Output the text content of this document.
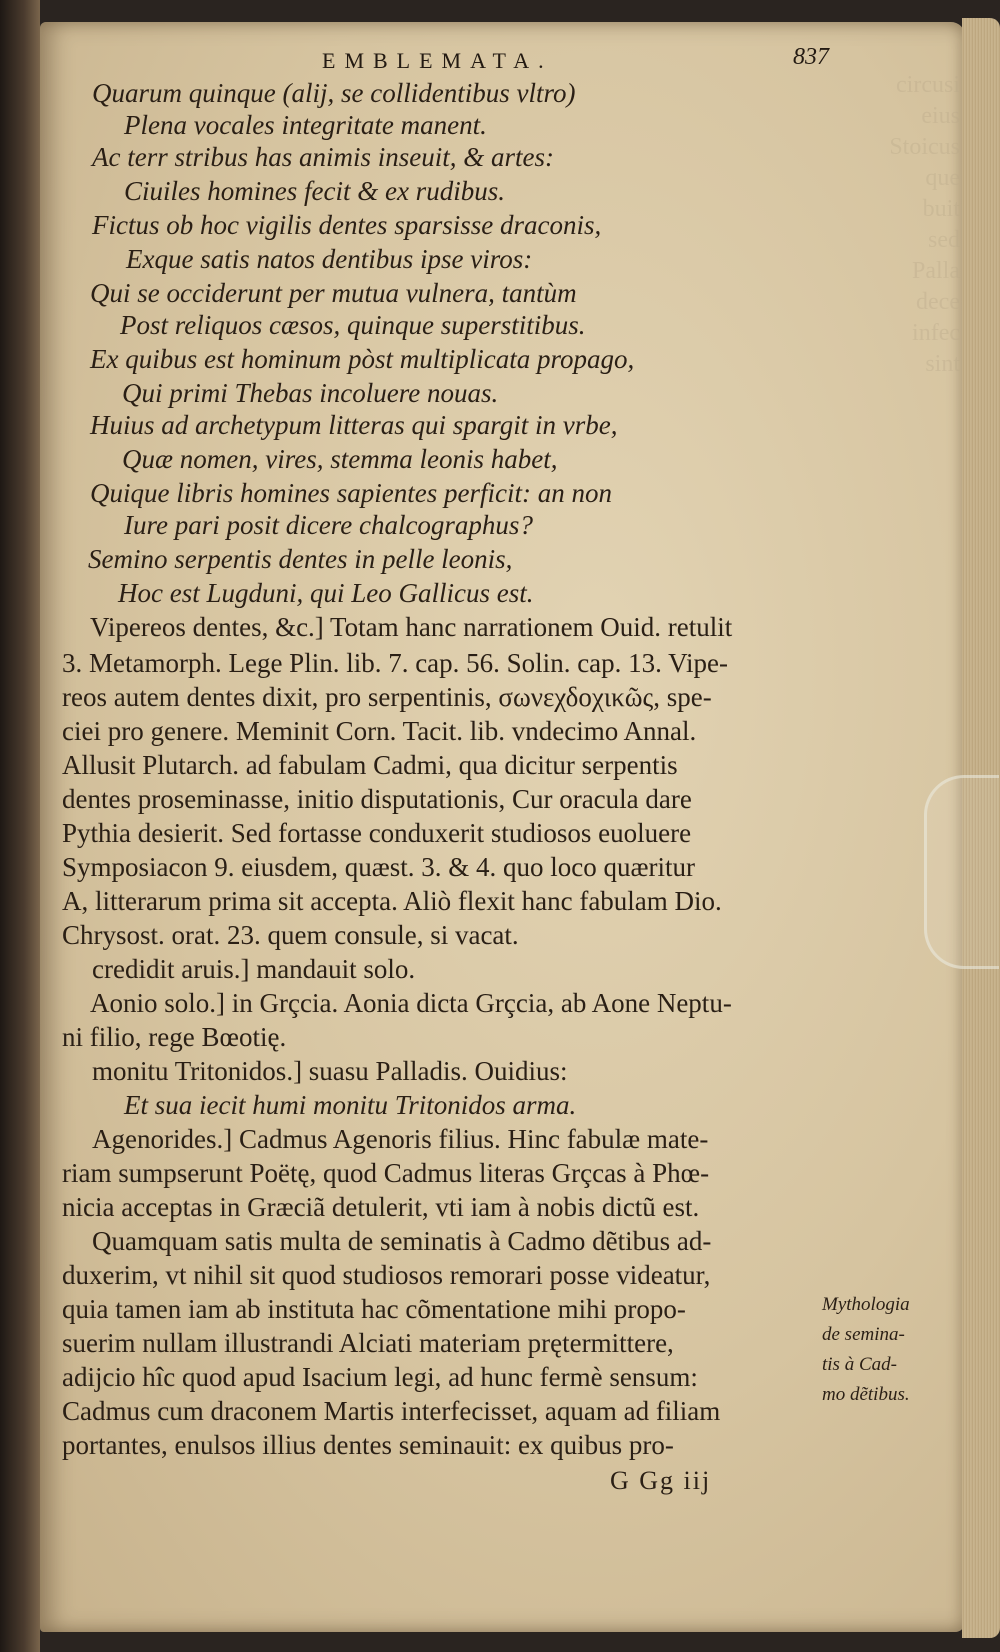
circusi
eius
Stoicus
que
buit
sed
Palla
dece
infec
sint
EMBLEMATA.	837
Quarum quinque (alij, se collidentibus vltro)
Plena vocales integritate manent.
Ac terr stribus has animis inseuit, & artes:
Ciuiles homines fecit & ex rudibus.
Fictus ob hoc vigilis dentes sparsisse draconis,
Exque satis natos dentibus ipse viros:
Qui se occiderunt per mutua vulnera, tantùm
Post reliquos cæsos, quinque superstitibus.
Ex quibus est hominum pòst multiplicata propago,
Qui primi Thebas incoluere nouas.
Huius ad archetypum litteras qui spargit in vrbe,
Quæ nomen, vires, stemma leonis habet,
Quique libris homines sapientes perficit: an non
Iure pari posit dicere chalcographus?
Semino serpentis dentes in pelle leonis,
Hoc est Lugduni, qui Leo Gallicus est.
Vipereos dentes, &c.] Totam hanc narrationem Ouid. retulit
3. Metamorph. Lege Plin. lib. 7. cap. 56. Solin. cap. 13. Vipe-
reos autem dentes dixit, pro serpentinis, σωνεχδοχικῶς, spe-
ciei pro genere. Meminit Corn. Tacit. lib. vndecimo Annal.
Allusit Plutarch. ad fabulam Cadmi, qua dicitur serpentis
dentes proseminasse, initio disputationis, Cur oracula dare
Pythia desierit. Sed fortasse conduxerit studiosos euoluere
Symposiacon 9. eiusdem, quæst. 3. & 4. quo loco quæritur
A, litterarum prima sit accepta. Aliò flexit hanc fabulam Dio.
Chrysost. orat. 23. quem consule, si vacat.
credidit aruis.] mandauit solo.
Aonio solo.] in Grçcia. Aonia dicta Grçcia, ab Aone Neptu-
ni filio, rege Bœotię.
monitu Tritonidos.] suasu Palladis. Ouidius:
Et sua iecit humi monitu Tritonidos arma.
Agenorides.] Cadmus Agenoris filius. Hinc fabulæ mate-
riam sumpserunt Poëtę, quod Cadmus literas Grçcas à Phœ-
nicia acceptas in Græciã detulerit, vti iam à nobis dictũ est.
Quamquam satis multa de seminatis à Cadmo dẽtibus ad-
duxerim, vt nihil sit quod studiosos remorari posse videatur,
quia tamen iam ab instituta hac cõmentatione mihi propo-
suerim nullam illustrandi Alciati materiam prętermittere,
adijcio hîc quod apud Isacium legi, ad hunc fermè sensum:
Cadmus cum draconem Martis interfecisset, aquam ad filiam
portantes, enulsos illius dentes seminauit: ex quibus pro-
G Gg iij
Mythologia
de semina-
tis à Cad-
mo dẽtibus.
